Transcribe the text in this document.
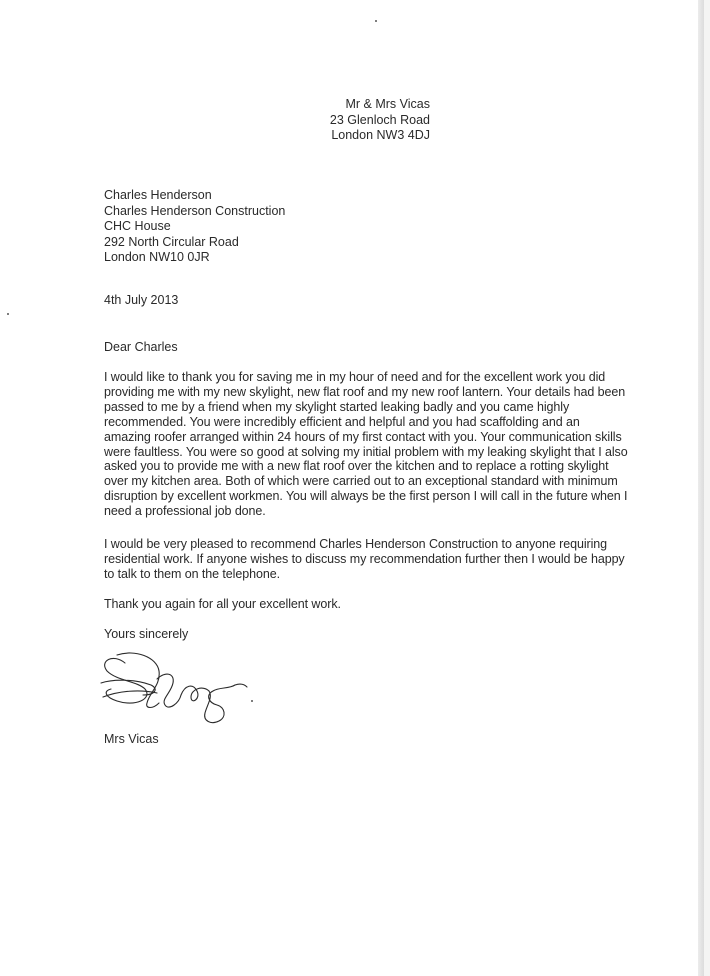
Mr & Mrs Vicas
23 Glenloch Road
London NW3 4DJ
Charles Henderson
Charles Henderson Construction
CHC House
292 North Circular Road
London NW10 0JR
4th July 2013
Dear Charles
I would like to thank you for saving me in my hour of need and for the excellent work you did providing me with my new skylight, new flat roof and my new roof lantern. Your details had been passed to me by a friend when my skylight started leaking badly and you came highly recommended. You were incredibly efficient and helpful and you had scaffolding and an amazing roofer arranged within 24 hours of my first contact with you. Your communication skills were faultless. You were so good at solving my initial problem with my leaking skylight that I also asked you to provide me with a new flat roof over the kitchen and to replace a rotting skylight over my kitchen area. Both of which were carried out to an exceptional standard with minimum disruption by excellent workmen. You will always be the first person I will call in the future when I need a professional job done.
I would be very pleased to recommend Charles Henderson Construction to anyone requiring residential work. If anyone wishes to discuss my recommendation further then I would be happy to talk to them on the telephone.
Thank you again for all your excellent work.
Yours sincerely
Mrs Vicas
